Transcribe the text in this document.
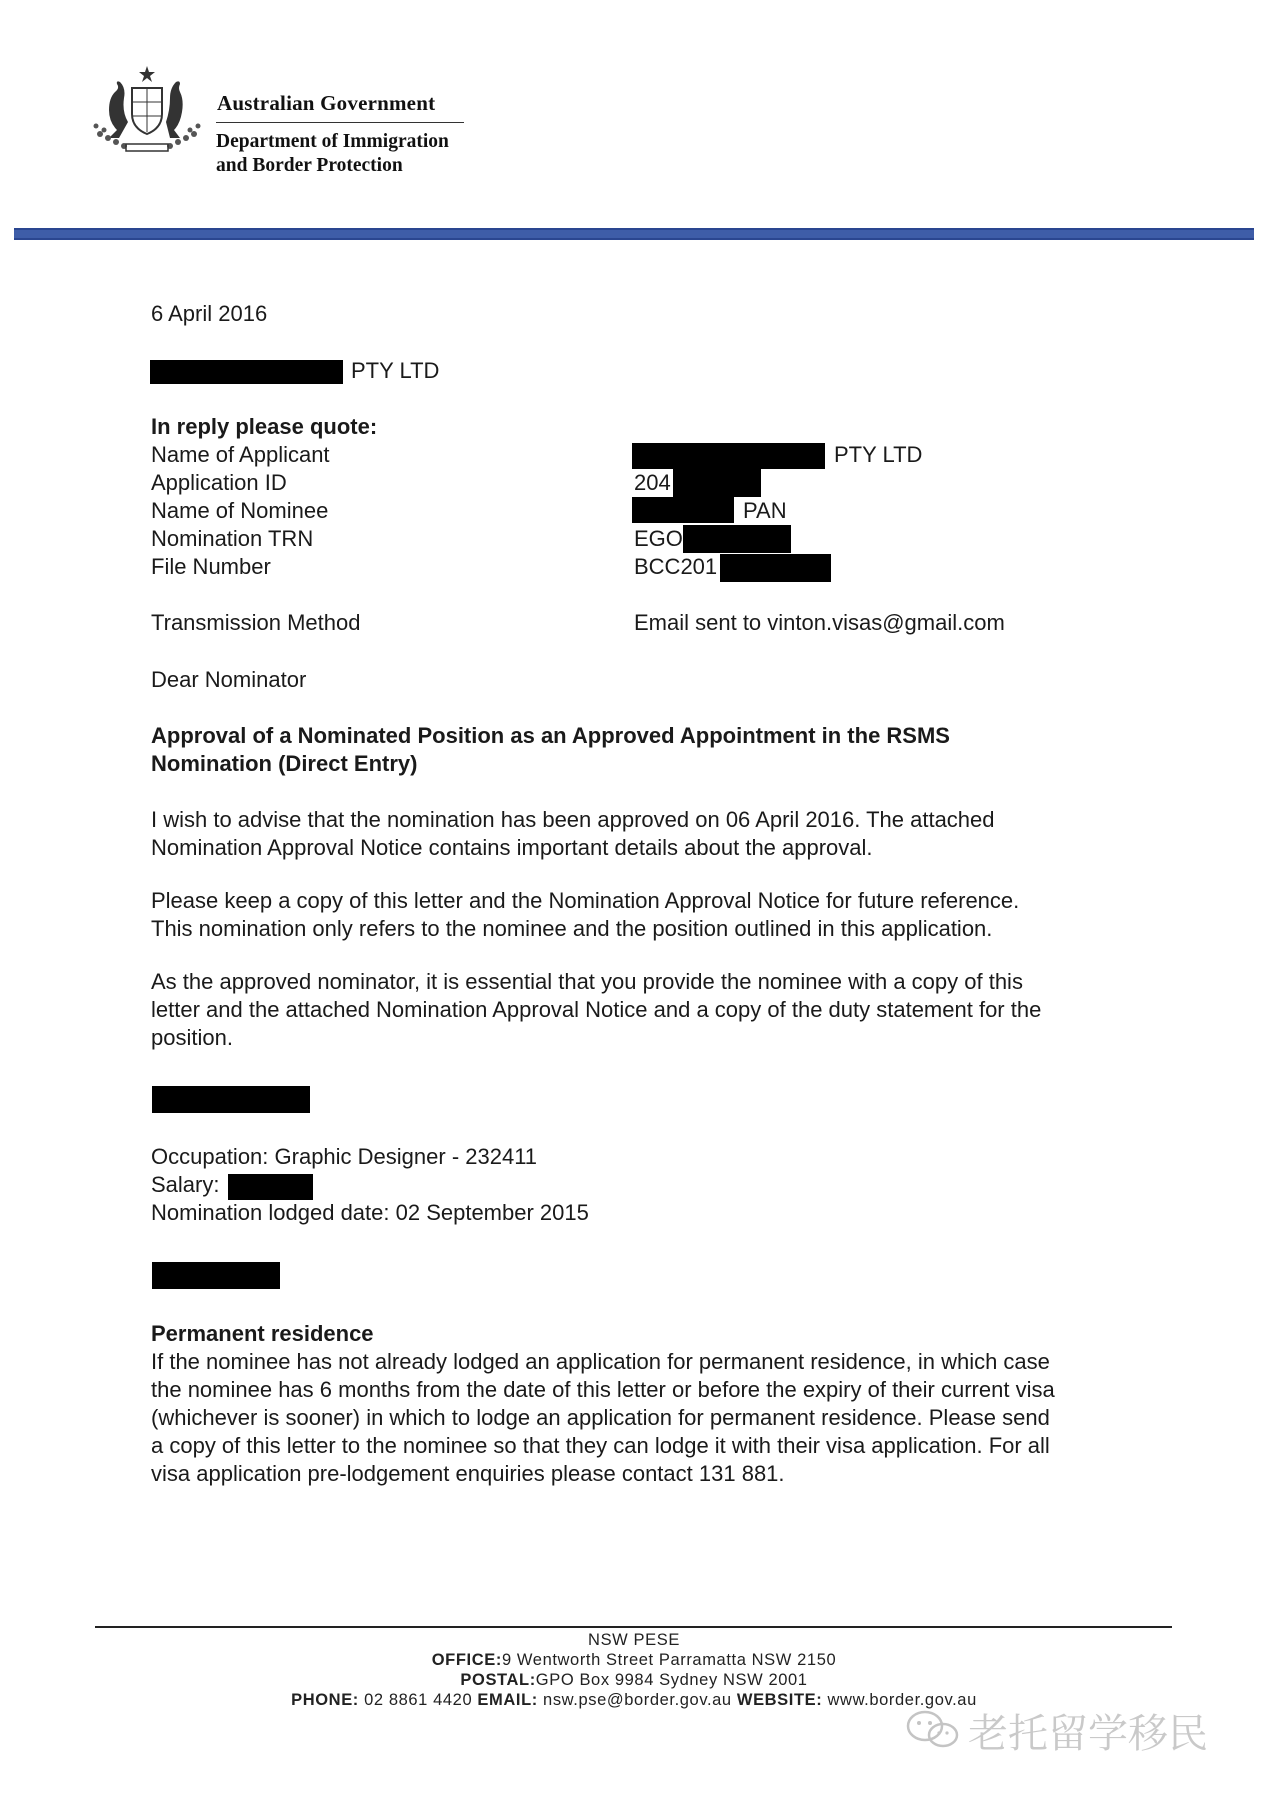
Australian Government
Department of Immigration
and Border Protection
6 April 2016
PTY LTD
In reply please quote:
Name of Applicant	PTY LTD
Application ID	204
Name of Nominee	PAN
Nomination TRN	EGO
File Number	BCC201
Transmission Method	Email sent to vinton.visas@gmail.com
Dear Nominator
Approval of a Nominated Position as an Approved Appointment in the RSMS
Nomination (Direct Entry)
I wish to advise that the nomination has been approved on 06 April 2016. The attached
Nomination Approval Notice contains important details about the approval.
Please keep a copy of this letter and the Nomination Approval Notice for future reference.
This nomination only refers to the nominee and the position outlined in this application.
As the approved nominator, it is essential that you provide the nominee with a copy of this
letter and the attached Nomination Approval Notice and a copy of the duty statement for the
position.
Occupation: Graphic Designer - 232411
Salary:
Nomination lodged date: 02 September 2015
Permanent residence
If the nominee has not already lodged an application for permanent residence, in which case
the nominee has 6 months from the date of this letter or before the expiry of their current visa
(whichever is sooner) in which to lodge an application for permanent residence. Please send
a copy of this letter to the nominee so that they can lodge it with their visa application. For all
visa application pre-lodgement enquiries please contact 131 881.
NSW PESE
OFFICE:9 Wentworth Street Parramatta NSW 2150
POSTAL:GPO Box 9984 Sydney NSW 2001
PHONE: 02 8861 4420 EMAIL: nsw.pse@border.gov.au WEBSITE: www.border.gov.au
老托留学移民
